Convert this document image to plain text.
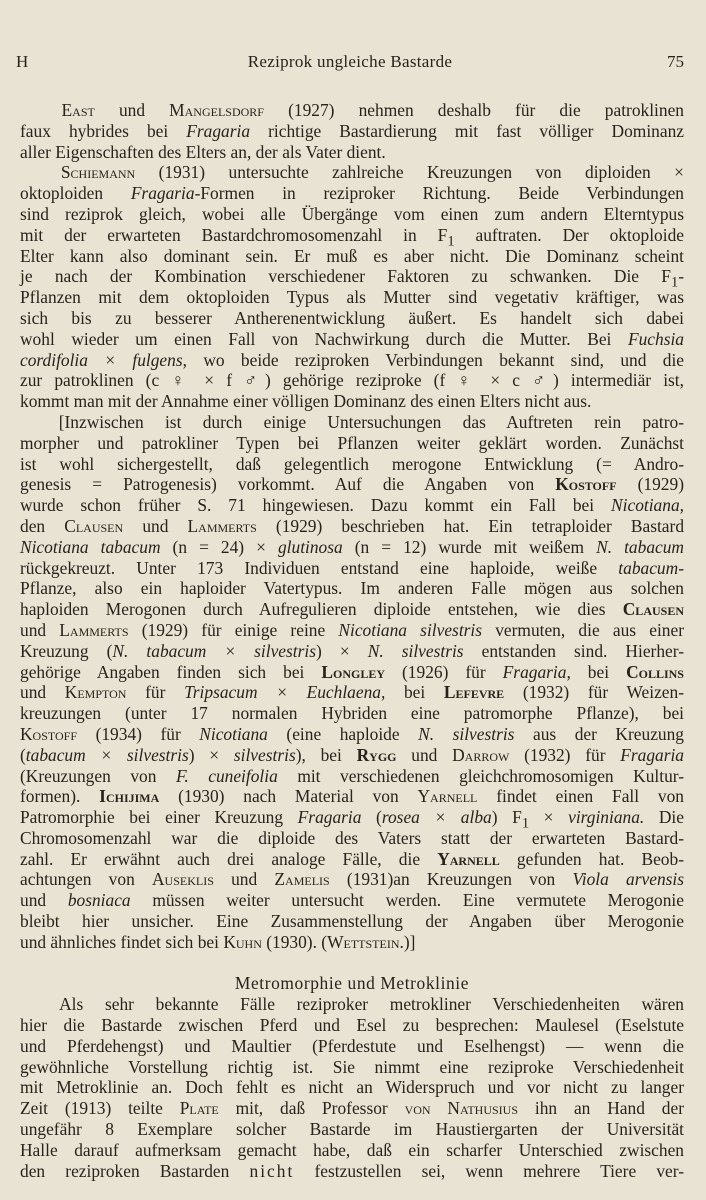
H	Reziprok ungleiche Bastarde	75
  East und Mangelsdorf (1927) nehmen deshalb für die patroklinen
faux hybrides bei Fragaria richtige Bastardierung mit fast völliger Dominanz
aller Eigenschaften des Elters an, der als Vater dient.
  Schiemann (1931) untersuchte zahlreiche Kreuzungen von diploiden ×
oktoploiden Fragaria-Formen in reziproker Richtung. Beide Verbindungen
sind reziprok gleich, wobei alle Übergänge vom einen zum andern Elterntypus
mit der erwarteten Bastardchromosomenzahl in $F_1$ auftraten. Der oktoploide
Elter kann also dominant sein. Er muß es aber nicht. Die Dominanz scheint
je nach der Kombination verschiedener Faktoren zu schwanken. Die $F_1-$
Pflanzen mit dem oktoploiden Typus als Mutter sind vegetativ kräftiger, was
sich bis zu besserer Antherenentwicklung äußert. Es handelt sich dabei
wohl wieder um einen Fall von Nachwirkung durch die Mutter. Bei Fuchsia
cordifolia × fulgens, wo beide reziproken Verbindungen bekannt sind, und die
zur patroklinen (c ♀ × f ♂) gehörige reziproke (f ♀ × c ♂) intermediär ist,
kommt man mit der Annahme einer völligen Dominanz des einen Elters nicht aus.
  [Inzwischen ist durch einige Untersuchungen das Auftreten rein patro-
morpher und patrokliner Typen bei Pflanzen weiter geklärt worden. Zunächst
ist wohl sichergestellt, daß gelegentlich merogone Entwicklung (= Andro-
genesis = Patrogenesis) vorkommt. Auf die Angaben von Kostoff (1929)
wurde schon früher S. 71 hingewiesen. Dazu kommt ein Fall bei Nicotiana,
den Clausen und Lammerts (1929) beschrieben hat. Ein tetraploider Bastard
Nicotiana tabacum (n = 24) × glutinosa (n = 12) wurde mit weißem N. tabacum
rückgekreuzt. Unter 173 Individuen entstand eine haploide, weiße tabacum-
Pflanze, also ein haploider Vatertypus. Im anderen Falle mögen aus solchen
haploiden Merogonen durch Aufregulieren diploide entstehen, wie dies Clausen
und Lammerts (1929) für einige reine Nicotiana silvestris vermuten, die aus einer
Kreuzung (N. tabacum × silvestris) × N. silvestris entstanden sind. Hierher-
gehörige Angaben finden sich bei Longley (1926) für Fragaria, bei Collins
und Kempton für Tripsacum × Euchlaena, bei Lefevre (1932) für Weizen-
kreuzungen (unter 17 normalen Hybriden eine patromorphe Pflanze), bei
Kostoff (1934) für Nicotiana (eine haploide N. silvestris aus der Kreuzung
(tabacum × silvestris) × silvestris), bei Rygg und Darrow (1932) für Fragaria
(Kreuzungen von F. cuneifolia mit verschiedenen gleichchromosomigen Kultur-
formen). Ichijima (1930) nach Material von Yarnell findet einen Fall von
Patromorphie bei einer Kreuzung Fragaria (rosea × alba) $F_1$ × virginiana. Die
Chromosomenzahl war die diploide des Vaters statt der erwarteten Bastard-
zahl. Er erwähnt auch drei analoge Fälle, die Yarnell gefunden hat. Beob-
achtungen von Auseklis und Zamelis (1931)an Kreuzungen von Viola arvensis
und bosniaca müssen weiter untersucht werden. Eine vermutete Merogonie
bleibt hier unsicher. Eine Zusammenstellung der Angaben über Merogonie
und ähnliches findet sich bei Kuhn (1930). (Wettstein.)]
Metromorphie und Metroklinie
  Als sehr bekannte Fälle reziproker metrokliner Verschiedenheiten wären
hier die Bastarde zwischen Pferd und Esel zu besprechen: Maulesel (Eselstute
und Pferdehengst) und Maultier (Pferdestute und Eselhengst) — wenn die
gewöhnliche Vorstellung richtig ist. Sie nimmt eine reziproke Verschiedenheit
mit Metroklinie an. Doch fehlt es nicht an Widerspruch und vor nicht zu langer
Zeit (1913) teilte Plate mit, daß Professor von Nathusius ihn an Hand der
ungefähr 8 Exemplare solcher Bastarde im Haustiergarten der Universität
Halle darauf aufmerksam gemacht habe, daß ein scharfer Unterschied zwischen
den reziproken Bastarden nicht festzustellen sei, wenn mehrere Tiere ver-
